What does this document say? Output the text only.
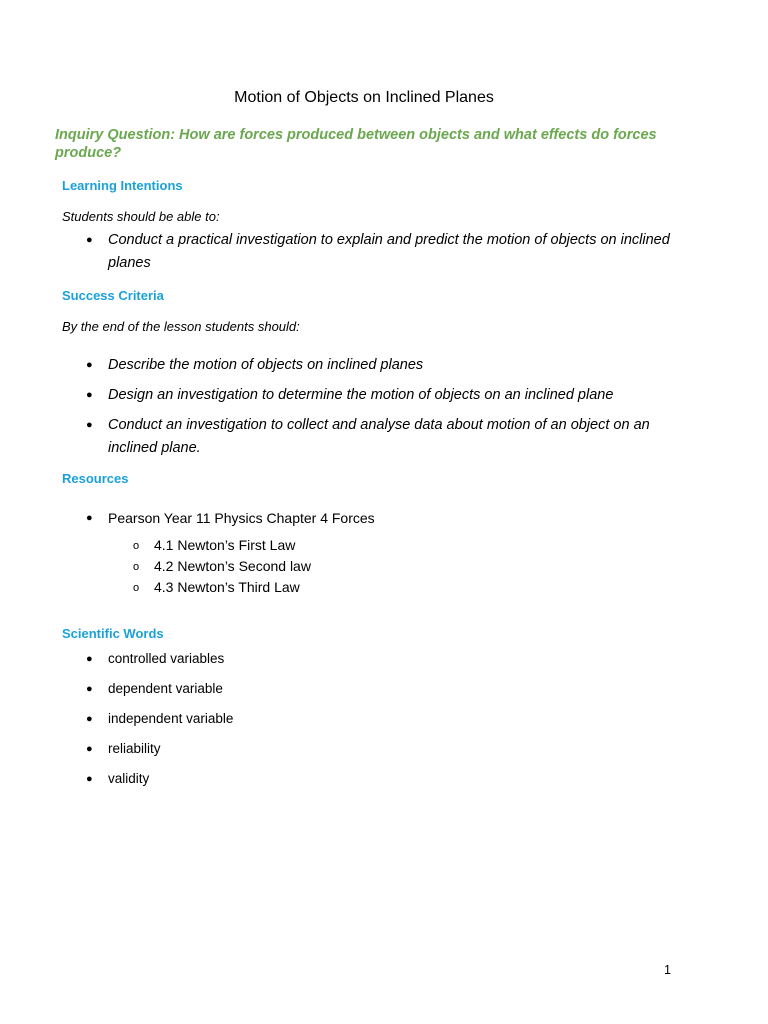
Motion of Objects on Inclined Planes
Inquiry Question: How are forces produced between objects and what effects do forces produce?
Learning Intentions
Students should be able to:
● Conduct a practical investigation to explain and predict the motion of objects on inclined planes
Success Criteria
By the end of the lesson students should:
● Describe the motion of objects on inclined planes
● Design an investigation to determine the motion of objects on an inclined plane
● Conduct an investigation to collect and analyse data about motion of an object on an inclined plane.
Resources
● Pearson Year 11 Physics Chapter 4 Forces
o 4.1 Newton’s First Law
o 4.2 Newton’s Second law
o 4.3 Newton’s Third Law
Scientific Words
● controlled variables
● dependent variable
● independent variable
● reliability
● validity
1
